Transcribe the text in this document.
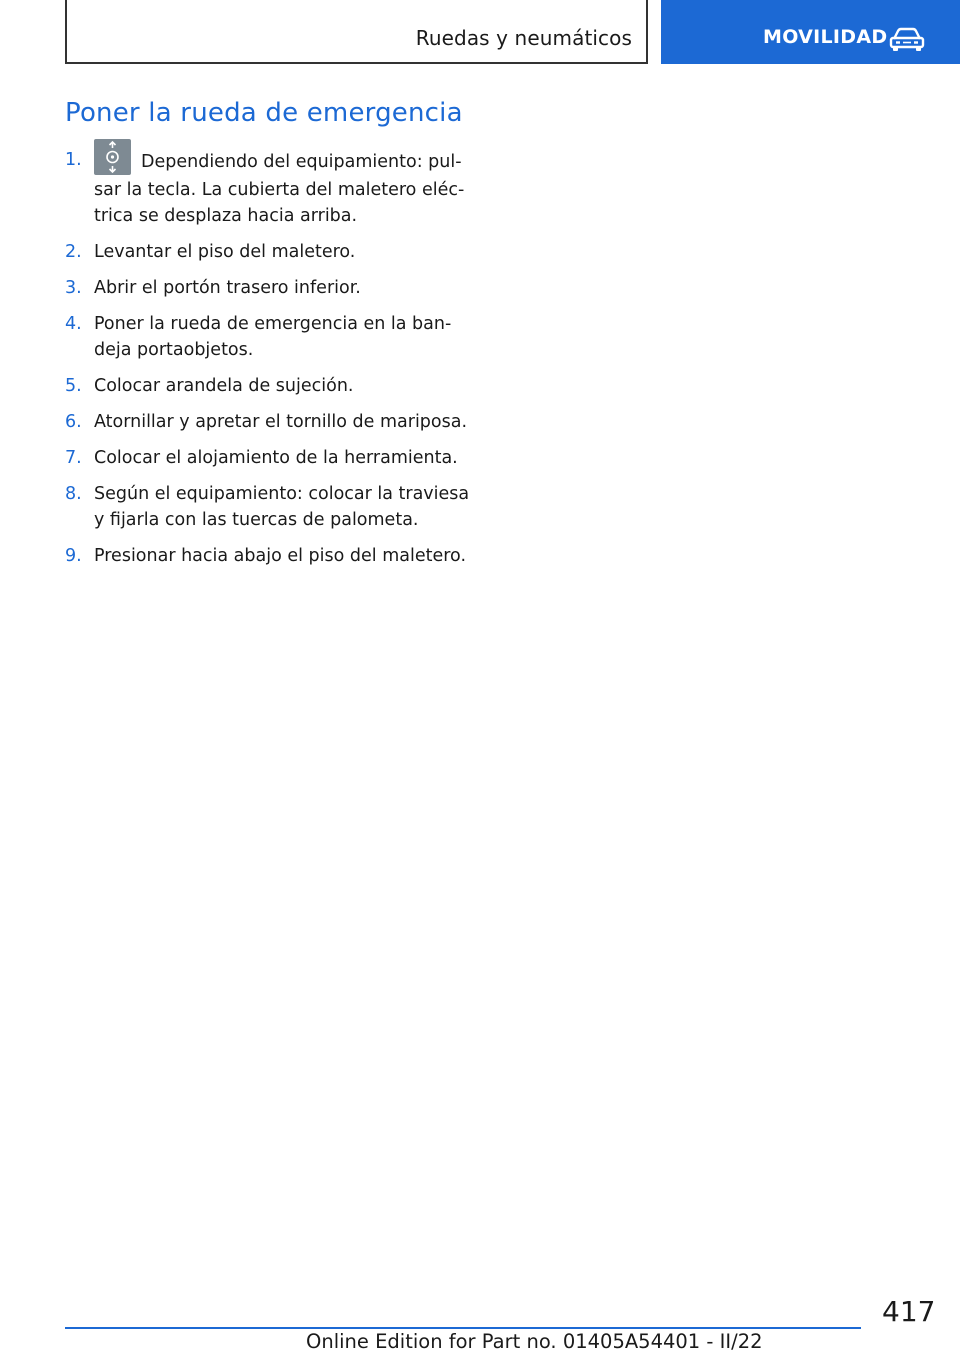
Ruedas y neumáticos	MOVILIDAD
Poner la rueda de emergencia
1.	Dependiendo del equipamiento: pulsar la tecla. La cubierta del maletero eléctrica se desplaza hacia arriba.
2. Levantar el piso del maletero.
3. Abrir el portón trasero inferior.
4. Poner la rueda de emergencia en la bandeja portaobjetos.
5. Colocar arandela de sujeción.
6. Atornillar y apretar el tornillo de mariposa.
7. Colocar el alojamiento de la herramienta.
8. Según el equipamiento: colocar la traviesa y fijarla con las tuercas de palometa.
9. Presionar hacia abajo el piso del maletero.
417
Online Edition for Part no. 01405A54401 - II/22
